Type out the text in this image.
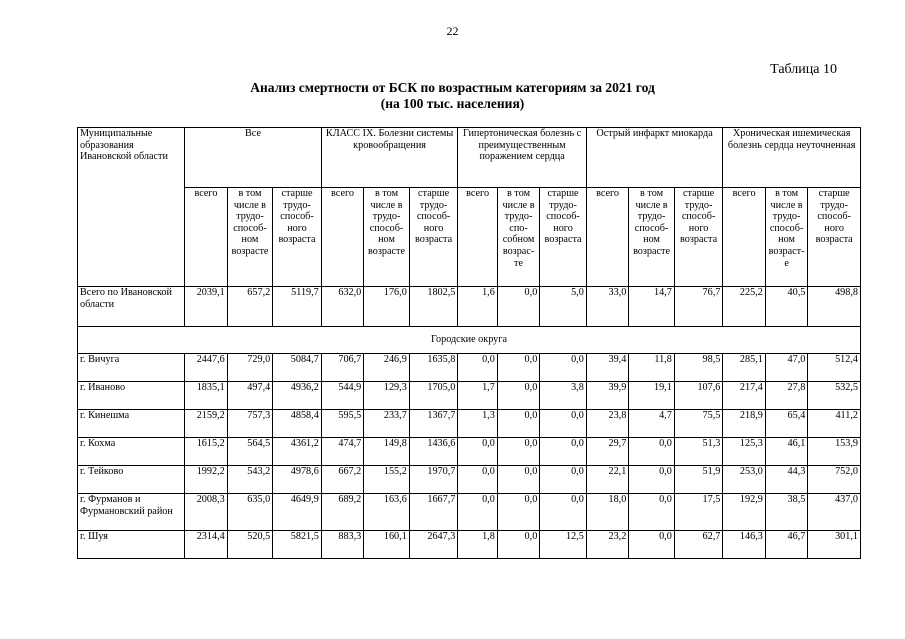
22
Таблица 10
Анализ смертности от БСК по возрастным категориям за 2021 год
(на 100 тыс. населения)
Муниципальные образования Ивановской области	Все			КЛАСС IX. Болезни системы кровообращения			Гипертоническая болезнь с преимущественным поражением сердца			Острый инфаркт миокарда			Хроническая ишемическая болезнь сердца неуточненная		
	всего	в том числе в трудо-способ-ном возрасте	старше трудо-способ-ного возраста	всего	в том числе в трудо-способ-ном возрасте	старше трудо-способ-ного возраста	всего	в том числе в трудо-спо-собном возрас-те	старше трудо-способ-ного возраста	всего	в том числе в трудо-способ-ном возрасте	старше трудо-способ-ного возраста	всего	в том числе в трудо-способ-ном возраст-е	старше трудо-способ-ного возраста
Всего по Ивановской области	2039,1	657,2	5119,7	632,0	176,0	1802,5	1,6	0,0	5,0	33,0	14,7	76,7	225,2	40,5	498,8
Городские округа															
г. Вичуга	2447,6	729,0	5084,7	706,7	246,9	1635,8	0,0	0,0	0,0	39,4	11,8	98,5	285,1	47,0	512,4
г. Иваново	1835,1	497,4	4936,2	544,9	129,3	1705,0	1,7	0,0	3,8	39,9	19,1	107,6	217,4	27,8	532,5
г. Кинешма	2159,2	757,3	4858,4	595,5	233,7	1367,7	1,3	0,0	0,0	23,8	4,7	75,5	218,9	65,4	411,2
г. Кохма	1615,2	564,5	4361,2	474,7	149,8	1436,6	0,0	0,0	0,0	29,7	0,0	51,3	125,3	46,1	153,9
г. Тейково	1992,2	543,2	4978,6	667,2	155,2	1970,7	0,0	0,0	0,0	22,1	0,0	51,9	253,0	44,3	752,0
г. Фурманов и Фурмановский район	2008,3	635,0	4649,9	689,2	163,6	1667,7	0,0	0,0	0,0	18,0	0,0	17,5	192,9	38,5	437,0
г. Шуя	2314,4	520,5	5821,5	883,3	160,1	2647,3	1,8	0,0	12,5	23,2	0,0	62,7	146,3	46,7	301,1
